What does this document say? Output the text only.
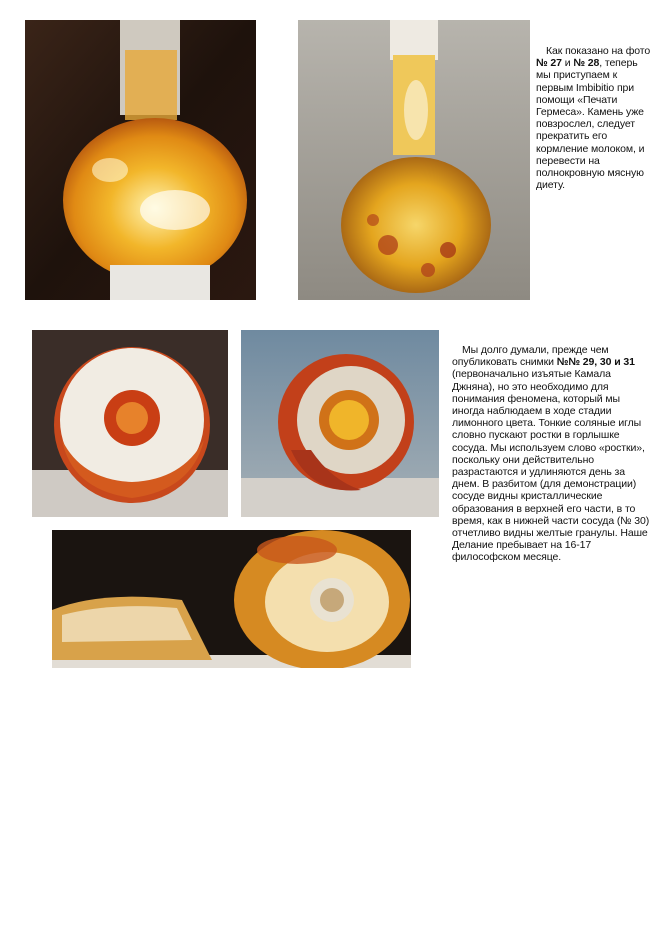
Как показано на фото № 27 и № 28, теперь мы приступаем к первым Imbibitio при помощи «Печати Гермеса». Камень уже повзрослел, следует прекратить его кормление молоком, и перевести на полнокровную мясную диету.
Мы долго думали, прежде чем опубликовать снимки №№ 29, 30 и 31 (первоначально изъятые Камала Джняна), но это необходимо для понимания феномена, который мы иногда наблюдаем в ходе стадии лимонного цвета. Тонкие соляные иглы словно пускают ростки в горлышке сосуда. Мы используем слово «ростки», поскольку они действительно разрастаются и удлиняются день за днем. В разбитом (для демонстрации) сосуде видны кристаллические образования в верхней его части, в то время, как в нижней части сосуда (№ 30) отчетливо видны желтые гранулы. Наше Делание пребывает на 16-17 философском месяце.
